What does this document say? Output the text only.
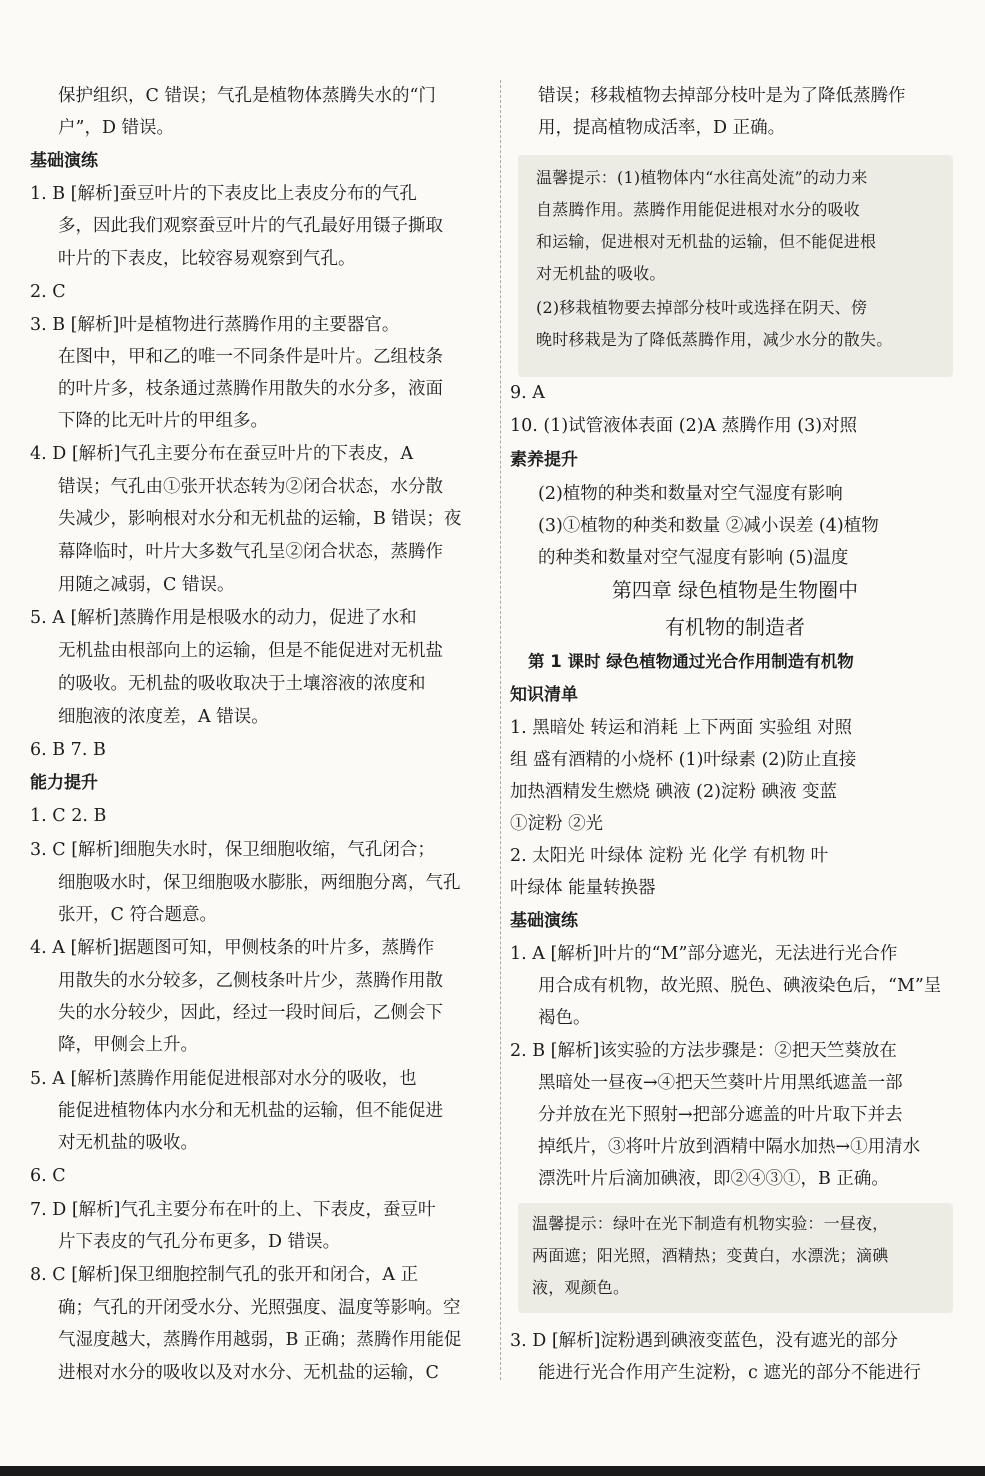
保护组织，C 错误；气孔是植物体蒸腾失水的“门
户”，D 错误。
基础演练
1. B [解析]蚕豆叶片的下表皮比上表皮分布的气孔
多，因此我们观察蚕豆叶片的气孔最好用镊子撕取
叶片的下表皮，比较容易观察到气孔。
2. C
3. B [解析]叶是植物进行蒸腾作用的主要器官。
在图中，甲和乙的唯一不同条件是叶片。乙组枝条
的叶片多，枝条通过蒸腾作用散失的水分多，液面
下降的比无叶片的甲组多。
4. D [解析]气孔主要分布在蚕豆叶片的下表皮，A
错误；气孔由①张开状态转为②闭合状态，水分散
失减少，影响根对水分和无机盐的运输，B 错误；夜
幕降临时，叶片大多数气孔呈②闭合状态，蒸腾作
用随之减弱，C 错误。
5. A [解析]蒸腾作用是根吸水的动力，促进了水和
无机盐由根部向上的运输，但是不能促进对无机盐
的吸收。无机盐的吸收取决于土壤溶液的浓度和
细胞液的浓度差，A 错误。
6. B 7. B
能力提升
1. C 2. B
3. C [解析]细胞失水时，保卫细胞收缩，气孔闭合；
细胞吸水时，保卫细胞吸水膨胀，两细胞分离，气孔
张开，C 符合题意。
4. A [解析]据题图可知，甲侧枝条的叶片多，蒸腾作
用散失的水分较多，乙侧枝条叶片少，蒸腾作用散
失的水分较少，因此，经过一段时间后，乙侧会下
降，甲侧会上升。
5. A [解析]蒸腾作用能促进根部对水分的吸收，也
能促进植物体内水分和无机盐的运输，但不能促进
对无机盐的吸收。
6. C
7. D [解析]气孔主要分布在叶的上、下表皮，蚕豆叶
片下表皮的气孔分布更多，D 错误。
8. C [解析]保卫细胞控制气孔的张开和闭合，A 正
确；气孔的开闭受水分、光照强度、温度等影响。空
气湿度越大，蒸腾作用越弱，B 正确；蒸腾作用能促
进根对水分的吸收以及对水分、无机盐的运输，C
错误；移栽植物去掉部分枝叶是为了降低蒸腾作
用，提高植物成活率，D 正确。
温馨提示：(1)植物体内“水往高处流”的动力来
自蒸腾作用。蒸腾作用能促进根对水分的吸收
和运输，促进根对无机盐的运输，但不能促进根
对无机盐的吸收。
(2)移栽植物要去掉部分枝叶或选择在阴天、傍
晚时移栽是为了降低蒸腾作用，减少水分的散失。
9. A
10. (1)试管液体表面 (2)A 蒸腾作用 (3)对照
素养提升
(2)植物的种类和数量对空气湿度有影响
(3)①植物的种类和数量 ②减小误差 (4)植物
的种类和数量对空气湿度有影响 (5)温度
第四章 绿色植物是生物圈中
有机物的制造者
第 1 课时 绿色植物通过光合作用制造有机物
知识清单
1. 黑暗处 转运和消耗 上下两面 实验组 对照
组 盛有酒精的小烧杯 (1)叶绿素 (2)防止直接
加热酒精发生燃烧 碘液 (2)淀粉 碘液 变蓝
①淀粉 ②光
2. 太阳光 叶绿体 淀粉 光 化学 有机物 叶
叶绿体 能量转换器
基础演练
1. A [解析]叶片的“M”部分遮光，无法进行光合作
用合成有机物，故光照、脱色、碘液染色后，“M”呈
褐色。
2. B [解析]该实验的方法步骤是：②把天竺葵放在
黑暗处一昼夜→④把天竺葵叶片用黑纸遮盖一部
分并放在光下照射→把部分遮盖的叶片取下并去
掉纸片，③将叶片放到酒精中隔水加热→①用清水
漂洗叶片后滴加碘液，即②④③①，B 正确。
温馨提示：绿叶在光下制造有机物实验：一昼夜，
两面遮；阳光照，酒精热；变黄白，水漂洗；滴碘
液，观颜色。
3. D [解析]淀粉遇到碘液变蓝色，没有遮光的部分
能进行光合作用产生淀粉，c 遮光的部分不能进行
